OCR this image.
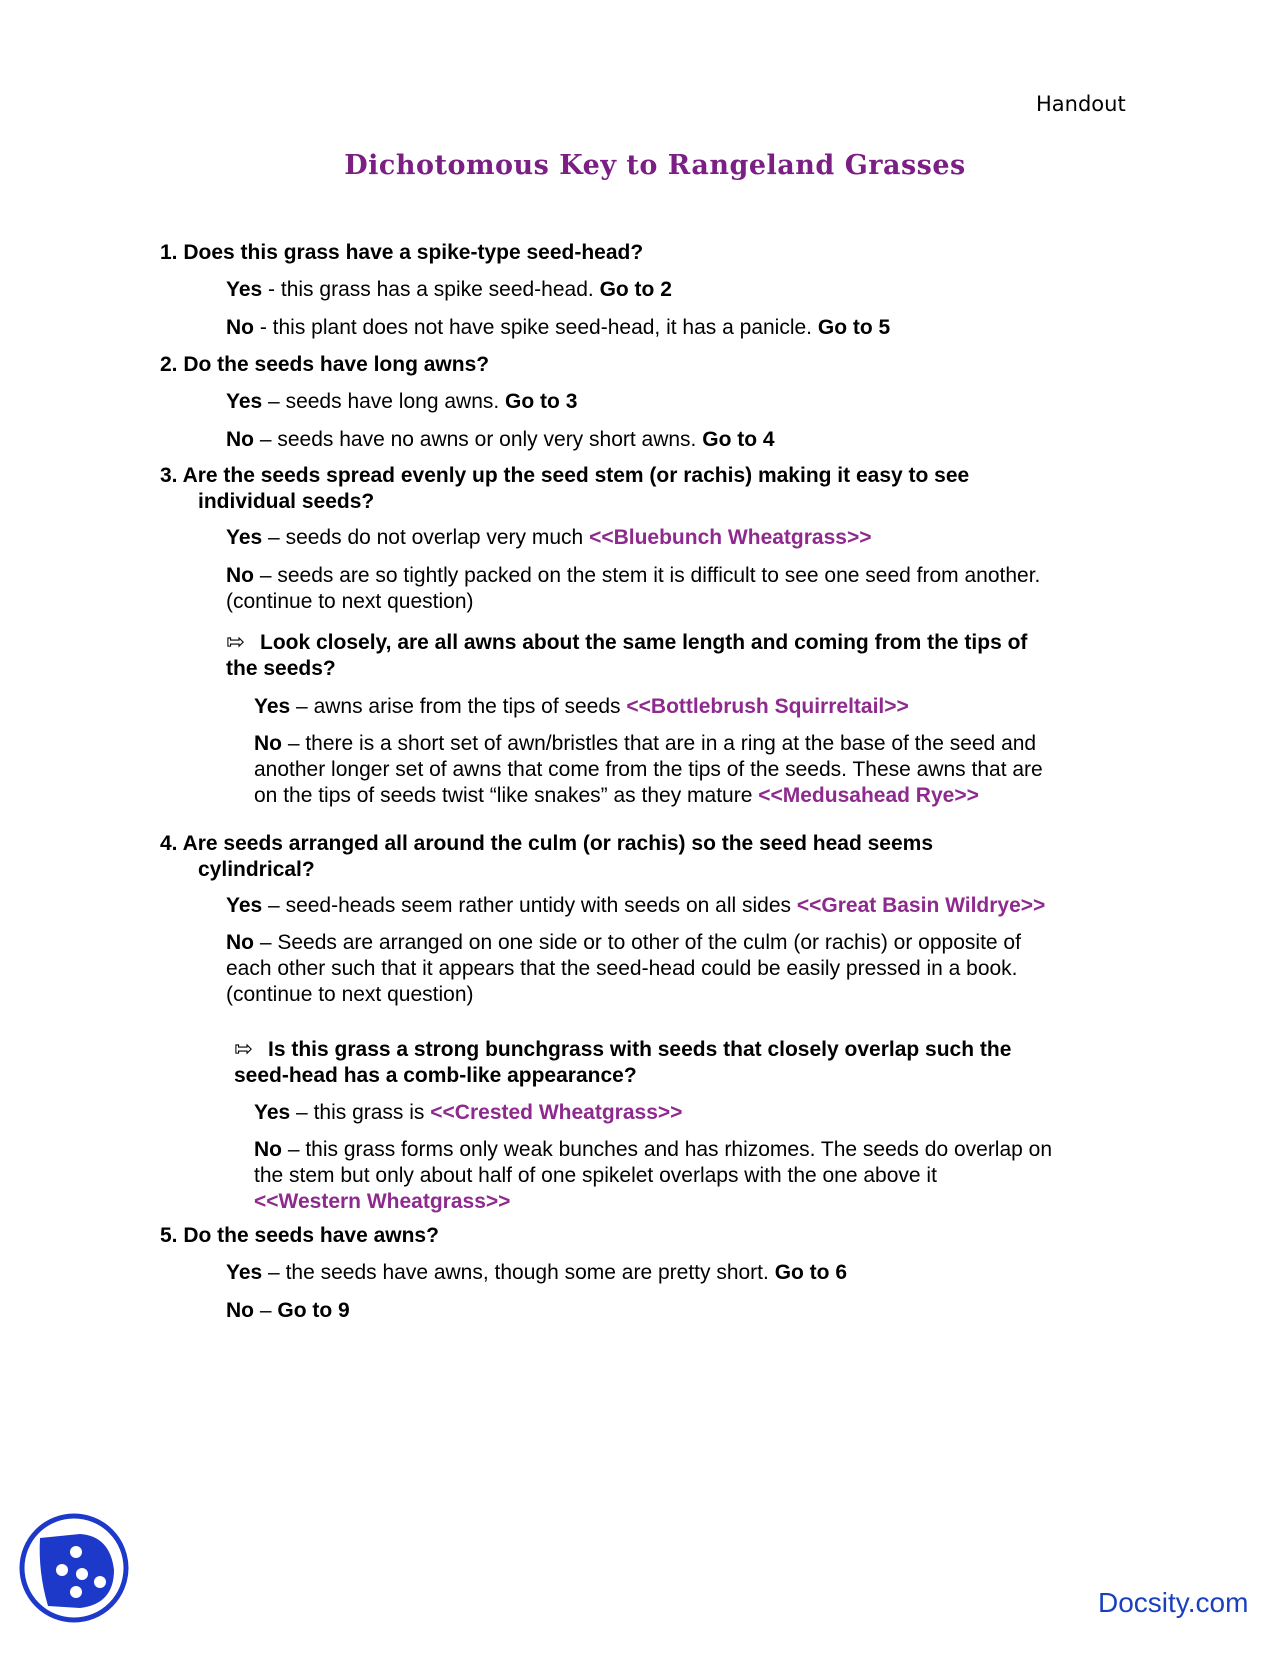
Handout
Dichotomous Key to Rangeland Grasses
1. Does this grass have a spike-type seed-head?
Yes - this grass has a spike seed-head. Go to 2
No - this plant does not have spike seed-head, it has a panicle. Go to 5
2. Do the seeds have long awns?
Yes – seeds have long awns. Go to 3
No – seeds have no awns or only very short awns. Go to 4
3. Are the seeds spread evenly up the seed stem (or rachis) making it easy to see
individual seeds?
Yes – seeds do not overlap very much <<Bluebunch Wheatgrass>>
No – seeds are so tightly packed on the stem it is difficult to see one seed from another.
(continue to next question)
⇰ Look closely, are all awns about the same length and coming from the tips of
the seeds?
Yes – awns arise from the tips of seeds <<Bottlebrush Squirreltail>>
No – there is a short set of awn/bristles that are in a ring at the base of the seed and
another longer set of awns that come from the tips of the seeds. These awns that are
on the tips of seeds twist “like snakes” as they mature <<Medusahead Rye>>
4. Are seeds arranged all around the culm (or rachis) so the seed head seems
cylindrical?
Yes – seed-heads seem rather untidy with seeds on all sides <<Great Basin Wildrye>>
No – Seeds are arranged on one side or to other of the culm (or rachis) or opposite of
each other such that it appears that the seed-head could be easily pressed in a book.
(continue to next question)
⇰ Is this grass a strong bunchgrass with seeds that closely overlap such the
seed-head has a comb-like appearance?
Yes – this grass is <<Crested Wheatgrass>>
No – this grass forms only weak bunches and has rhizomes. The seeds do overlap on
the stem but only about half of one spikelet overlaps with the one above it
<<Western Wheatgrass>>
5. Do the seeds have awns?
Yes – the seeds have awns, though some are pretty short. Go to 6
No – Go to 9
Docsity.com
